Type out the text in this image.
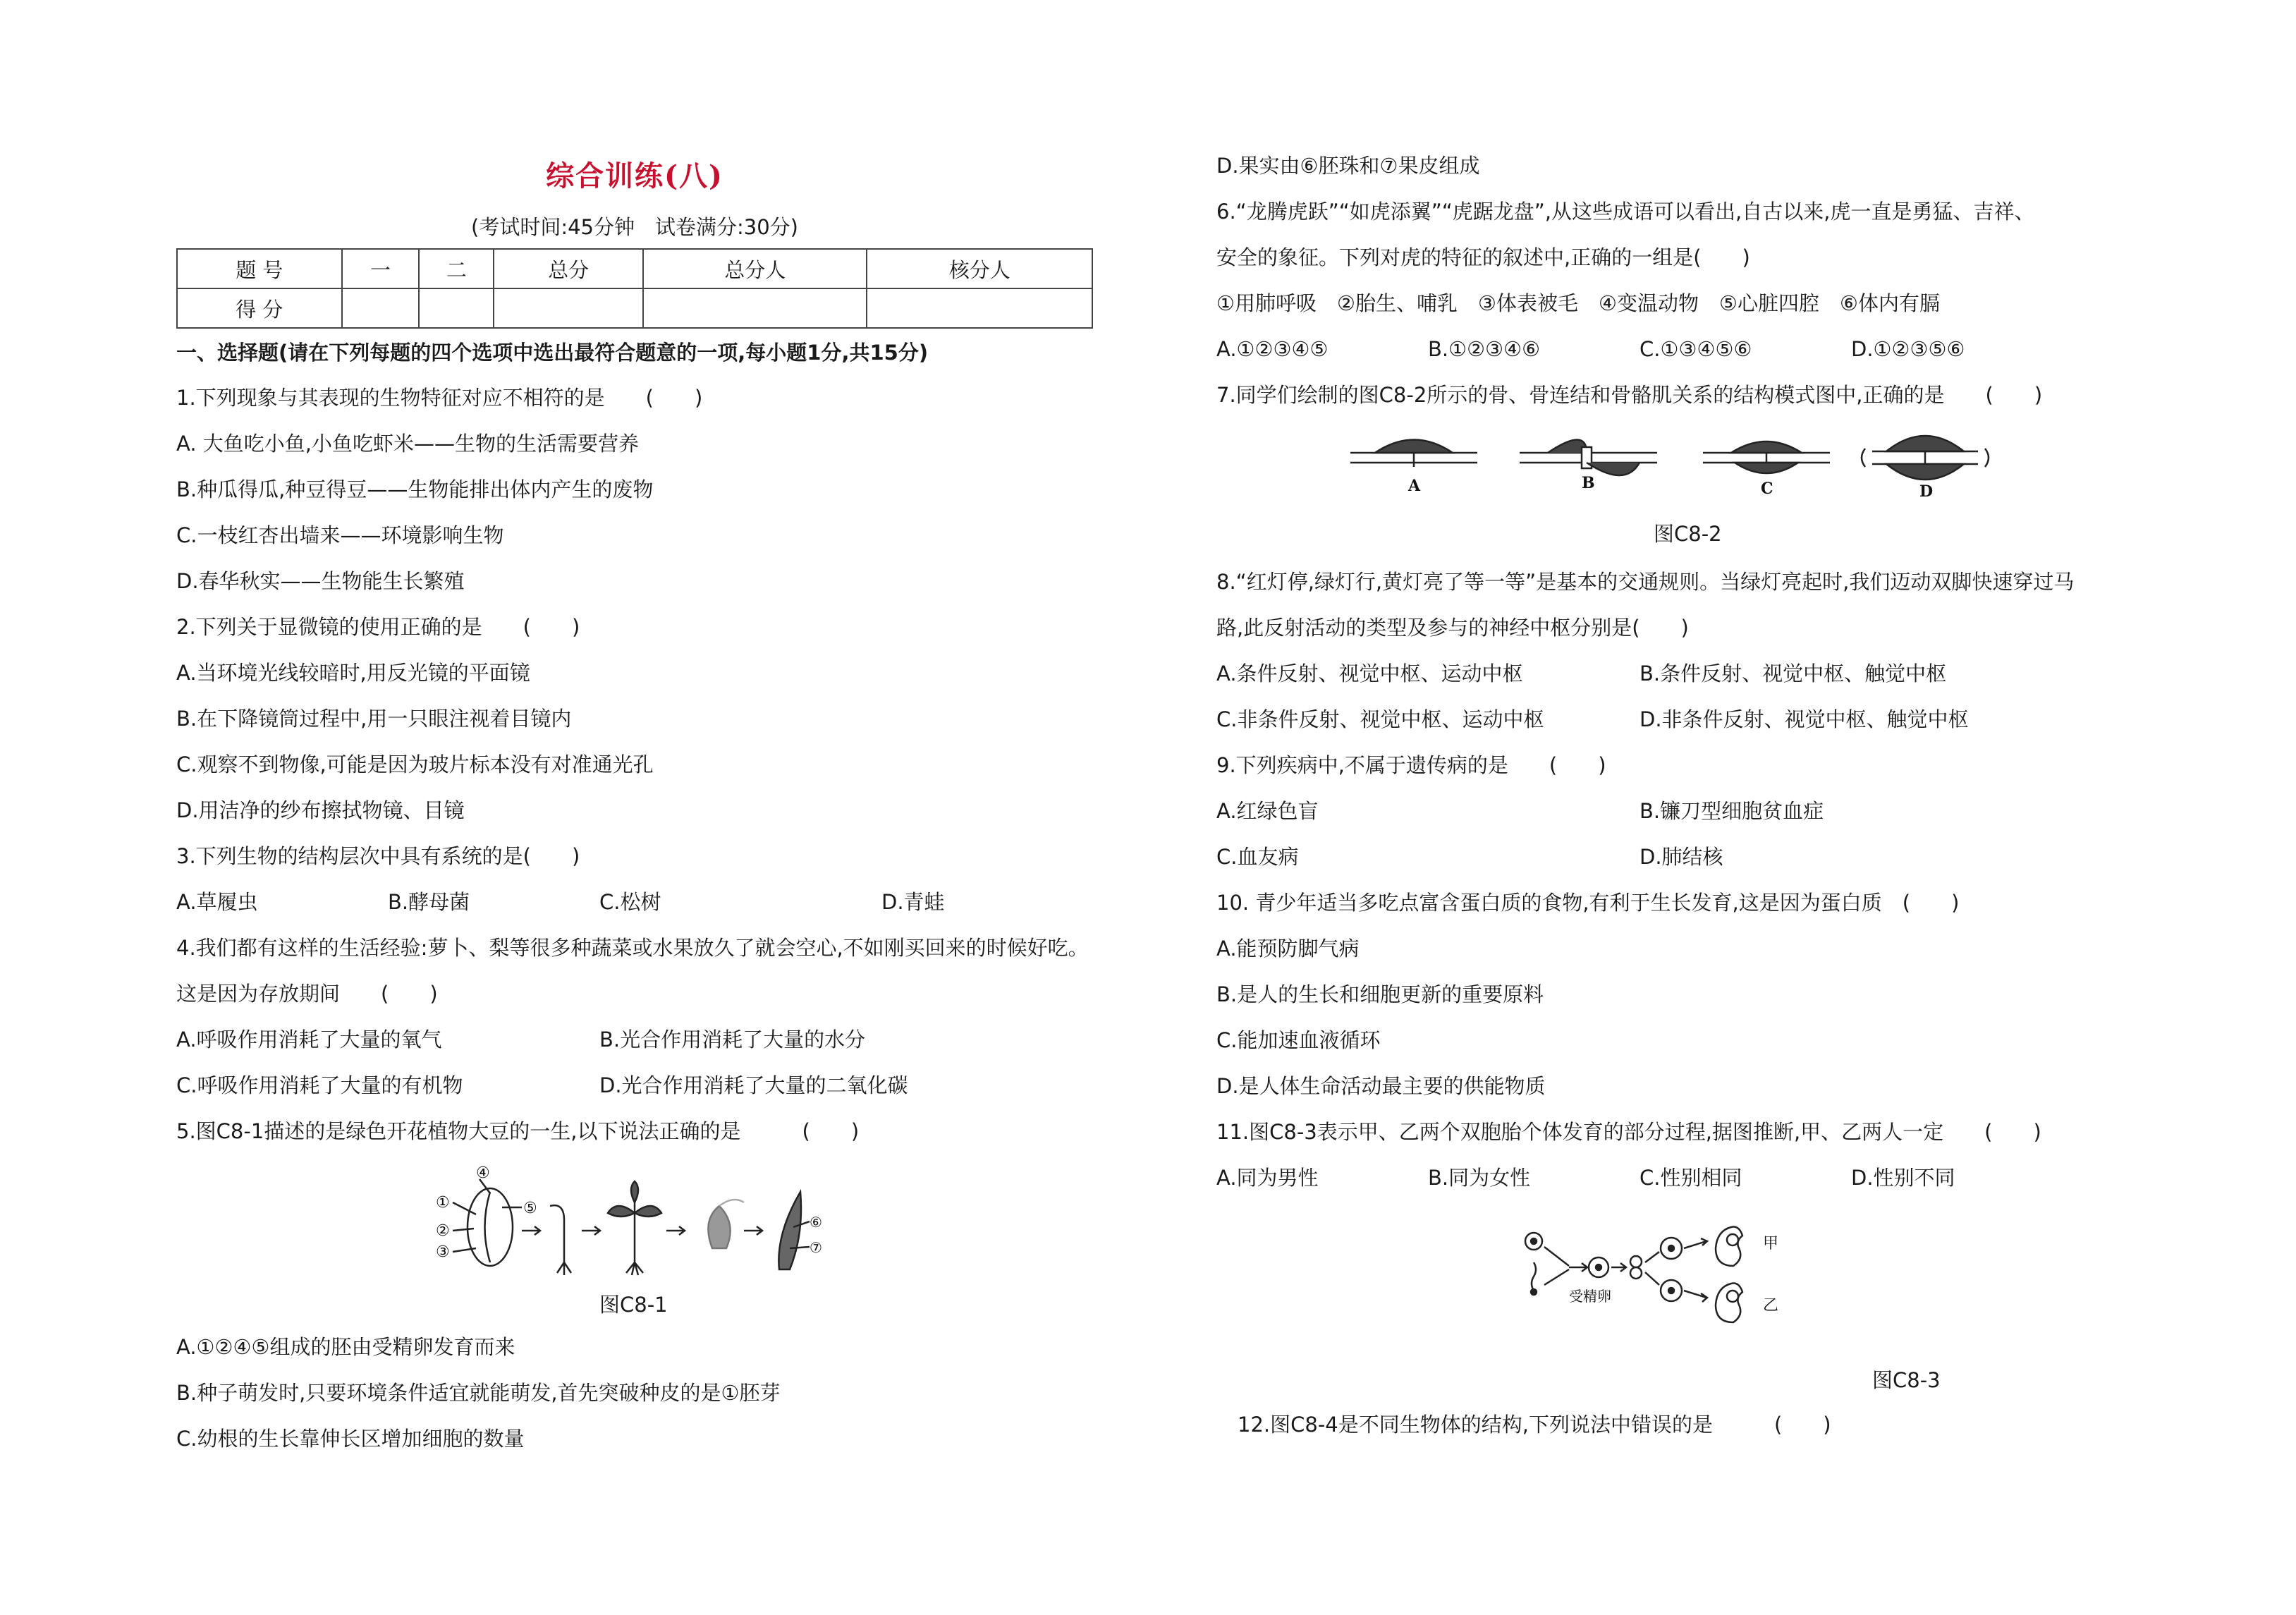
综合训练(八)
(考试时间:45分钟　试卷满分:30分)
题 号	一	二	总分	总分人	核分人
得 分					
一、选择题(请在下列每题的四个选项中选出最符合题意的一项,每小题1分,共15分)
1.下列现象与其表现的生物特征对应不相符的是　　(　　)
A. 大鱼吃小鱼,小鱼吃虾米——生物的生活需要营养
B.种瓜得瓜,种豆得豆——生物能排出体内产生的废物
C.一枝红杏出墙来——环境影响生物
D.春华秋实——生物能生长繁殖
2.下列关于显微镜的使用正确的是　　(　　)
A.当环境光线较暗时,用反光镜的平面镜
B.在下降镜筒过程中,用一只眼注视着目镜内
C.观察不到物像,可能是因为玻片标本没有对准通光孔
D.用洁净的纱布擦拭物镜、目镜
3.下列生物的结构层次中具有系统的是(　　)
A.草履虫	B.酵母菌	C.松树	D.青蛙
4.我们都有这样的生活经验:萝卜、梨等很多种蔬菜或水果放久了就会空心,不如刚买回来的时候好吃。
这是因为存放期间　　(　　)
A.呼吸作用消耗了大量的氧气	B.光合作用消耗了大量的水分
C.呼吸作用消耗了大量的有机物	D.光合作用消耗了大量的二氧化碳
5.图C8-1描述的是绿色开花植物大豆的一生,以下说法正确的是　　　(　　)
④
①
②
③
⑤
⑥
⑦
图C8-1
A.①②④⑤组成的胚由受精卵发育而来
B.种子萌发时,只要环境条件适宜就能萌发,首先突破种皮的是①胚芽
C.幼根的生长靠伸长区增加细胞的数量
D.果实由⑥胚珠和⑦果皮组成
6.“龙腾虎跃”“如虎添翼”“虎踞龙盘”,从这些成语可以看出,自古以来,虎一直是勇猛、吉祥、
安全的象征。下列对虎的特征的叙述中,正确的一组是(　　)
①用肺呼吸　②胎生、哺乳　③体表被毛　④变温动物　⑤心脏四腔　⑥体内有膈
A.①②③④⑤	B.①②③④⑥	C.①③④⑤⑥	D.①②③⑤⑥
7.同学们绘制的图C8-2所示的骨、骨连结和骨骼肌关系的结构模式图中,正确的是　　(　　)
A	B	C	D
图C8-2
8.“红灯停,绿灯行,黄灯亮了等一等”是基本的交通规则。当绿灯亮起时,我们迈动双脚快速穿过马
路,此反射活动的类型及参与的神经中枢分别是(　　)
A.条件反射、视觉中枢、运动中枢	B.条件反射、视觉中枢、触觉中枢
C.非条件反射、视觉中枢、运动中枢	D.非条件反射、视觉中枢、触觉中枢
9.下列疾病中,不属于遗传病的是　　(　　)
A.红绿色盲	B.镰刀型细胞贫血症
C.血友病	D.肺结核
10. 青少年适当多吃点富含蛋白质的食物,有利于生长发育,这是因为蛋白质　(　　)
A.能预防脚气病
B.是人的生长和细胞更新的重要原料
C.能加速血液循环
D.是人体生命活动最主要的供能物质
11.图C8-3表示甲、乙两个双胞胎个体发育的部分过程,据图推断,甲、乙两人一定　　(　　)
A.同为男性	B.同为女性	C.性别相同	D.性别不同
受精卵
甲
乙
图C8-3
12.图C8-4是不同生物体的结构,下列说法中错误的是　　　(　　)
